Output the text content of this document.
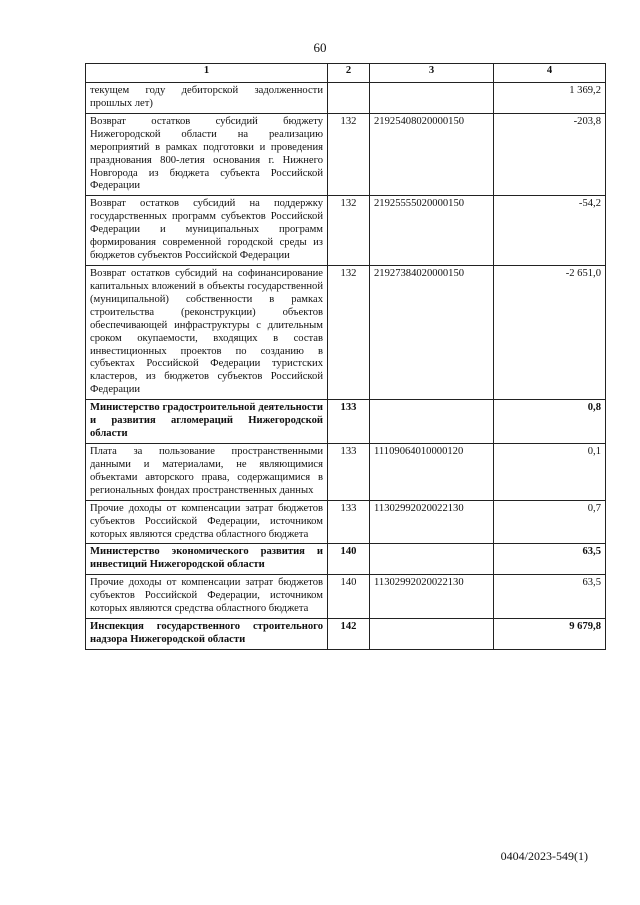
60
1	2	3	4
текущем году дебиторской задолженности прошлых лет)			1 369,2
Возврат остатков субсидий бюджету Нижегородской области на реализацию мероприятий в рамках подготовки и проведения празднования 800-летия основания г. Нижнего Новгорода из бюджета субъекта Российской Федерации	132	21925408020000150	-203,8
Возврат остатков субсидий на поддержку государственных программ субъектов Российской Федерации и муниципальных программ формирования современной городской среды из бюджетов субъектов Российской Федерации	132	21925555020000150	-54,2
Возврат остатков субсидий на софинансирование капитальных вложений в объекты государственной (муниципальной) собственности в рамках строительства (реконструкции) объектов обеспечивающей инфраструктуры с длительным сроком окупаемости, входящих в состав инвестиционных проектов по созданию в субъектах Российской Федерации туристских кластеров, из бюджетов субъектов Российской Федерации	132	21927384020000150	-2 651,0
Министерство градостроительной деятельности и развития агломераций Нижегородской области	133		0,8
Плата за пользование пространственными данными и материалами, не являющимися объектами авторского права, содержащимися в региональных фондах пространственных данных	133	11109064010000120	0,1
Прочие доходы от компенсации затрат бюджетов субъектов Российской Федерации, источником которых являются средства областного бюджета	133	11302992020022130	0,7
Министерство экономического развития и инвестиций Нижегородской области	140		63,5
Прочие доходы от компенсации затрат бюджетов субъектов Российской Федерации, источником которых являются средства областного бюджета	140	11302992020022130	63,5
Инспекция государственного строительного надзора Нижегородской области	142		9 679,8
0404/2023-549(1)
